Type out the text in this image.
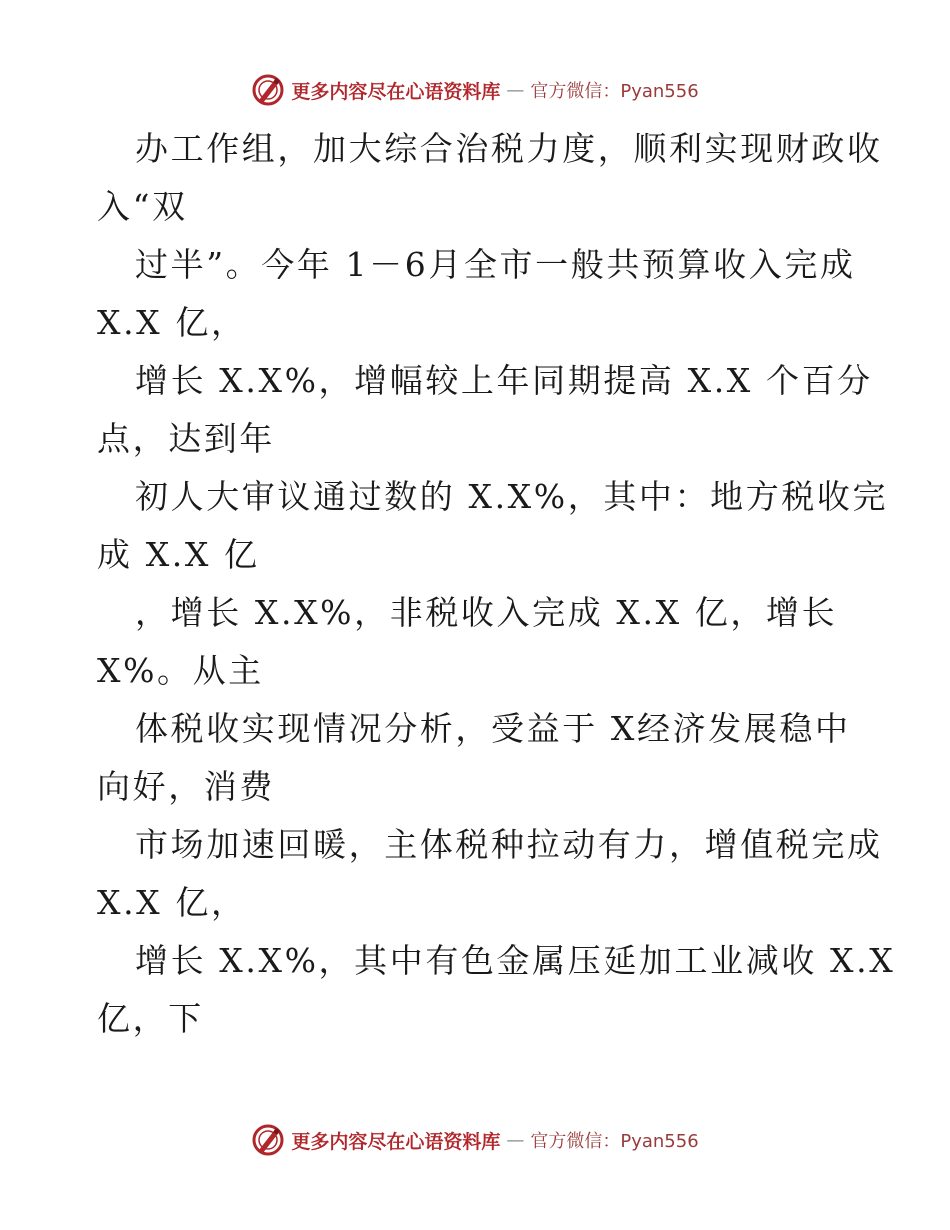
更多内容尽在心语资料库 — 官方微信：Pyan556
办工作组，加大综合治税力度，顺利实现财政收
入“双
过半”。今年 1－6月全市一般共预算收入完成
X.X 亿，
增长 X.X%，增幅较上年同期提高 X.X 个百分
点，达到年
初人大审议通过数的 X.X%，其中：地方税收完
成 X.X 亿
，增长 X.X%，非税收入完成 X.X 亿，增长
X%。从主
体税收实现情况分析，受益于 X经济发展稳中
向好，消费
市场加速回暖，主体税种拉动有力，增值税完成
X.X 亿，
增长 X.X%，其中有色金属压延加工业减收 X.X
亿，下
更多内容尽在心语资料库 — 官方微信：Pyan556
